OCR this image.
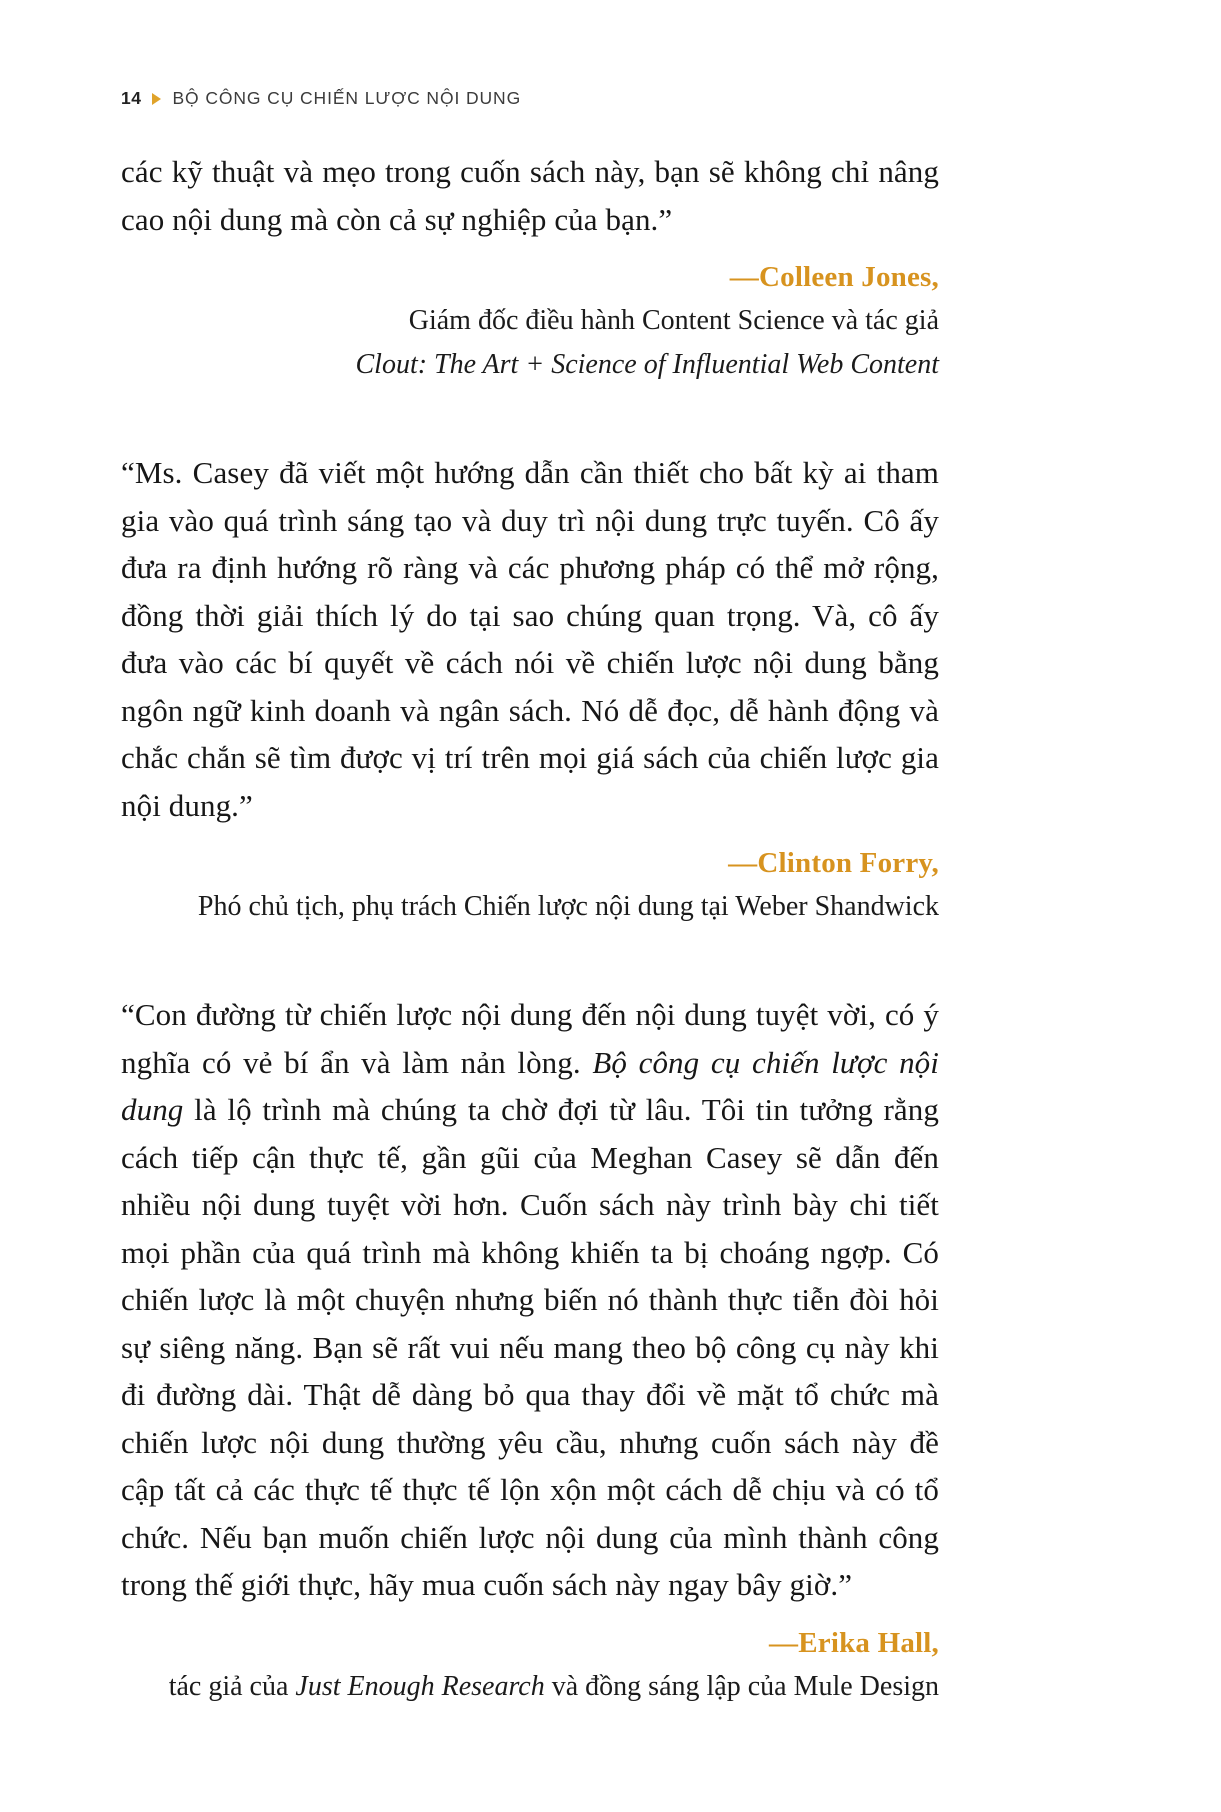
14 BỘ CÔNG CỤ CHIẾN LƯỢC NỘI DUNG

các kỹ thuật và mẹo trong cuốn sách này, bạn sẽ không chỉ nâng cao nội dung mà còn cả sự nghiệp của bạn.”

—Colleen Jones,

Giám đốc điều hành Content Science và tác giả

Clout: The Art + Science of Influential Web Content

“Ms. Casey đã viết một hướng dẫn cần thiết cho bất kỳ ai tham gia vào quá trình sáng tạo và duy trì nội dung trực tuyến. Cô ấy đưa ra định hướng rõ ràng và các phương pháp có thể mở rộng, đồng thời giải thích lý do tại sao chúng quan trọng. Và, cô ấy đưa vào các bí quyết về cách nói về chiến lược nội dung bằng ngôn ngữ kinh doanh và ngân sách. Nó dễ đọc, dễ hành động và chắc chắn sẽ tìm được vị trí trên mọi giá sách của chiến lược gia nội dung.”

—Clinton Forry,

Phó chủ tịch, phụ trách Chiến lược nội dung tại Weber Shandwick

“Con đường từ chiến lược nội dung đến nội dung tuyệt vời, có ý nghĩa có vẻ bí ẩn và làm nản lòng. Bộ công cụ chiến lược nội dung là lộ trình mà chúng ta chờ đợi từ lâu. Tôi tin tưởng rằng cách tiếp cận thực tế, gần gũi của Meghan Casey sẽ dẫn đến nhiều nội dung tuyệt vời hơn. Cuốn sách này trình bày chi tiết mọi phần của quá trình mà không khiến ta bị choáng ngợp. Có chiến lược là một chuyện nhưng biến nó thành thực tiễn đòi hỏi sự siêng năng. Bạn sẽ rất vui nếu mang theo bộ công cụ này khi đi đường dài. Thật dễ dàng bỏ qua thay đổi về mặt tổ chức mà chiến lược nội dung thường yêu cầu, nhưng cuốn sách này đề cập tất cả các thực tế thực tế lộn xộn một cách dễ chịu và có tổ chức. Nếu bạn muốn chiến lược nội dung của mình thành công trong thế giới thực, hãy mua cuốn sách này ngay bây giờ.”

—Erika Hall,

tác giả của Just Enough Research và đồng sáng lập của Mule Design
